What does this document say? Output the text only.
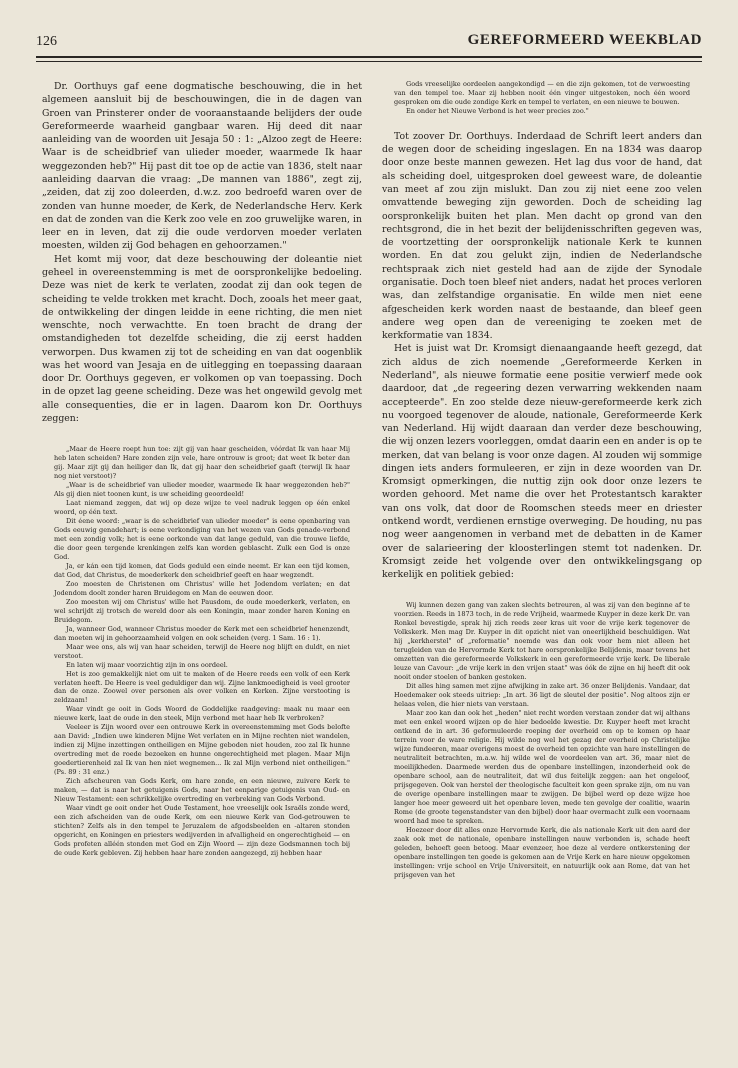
126	GEREFORMEERD WEEKBLAD

Dr. Oorthuys gaf eene dogmatische beschouwing, die in het algemeen aansluit bij de beschouwingen, die in de dagen van Groen van Prinsterer onder de vooraanstaande belijders der oude Gereformeerde waarheid gangbaar waren. Hij deed dit naar aanleiding van de woorden uit Jesaja 50 : 1: „Alzoo zegt de Heere: Waar is de scheidbrief van ulieder moeder, waarmede Ik haar weggezonden heb?" Hij past dit toe op de actie van 1836, stelt naar aanleiding daarvan die vraag: „De mannen van 1886", zegt zij, „zeiden, dat zij zoo doleerden, d.w.z. zoo bedroefd waren over de zonden van hunne moeder, de Kerk, de Nederlandsche Herv. Kerk en dat de zonden van die Kerk zoo vele en zoo gruwelijke waren, in leer en in leven, dat zij die oude verdorven moeder verlaten moesten, wilden zij God behagen en gehoorzamen."

Het komt mij voor, dat deze beschouwing der doleantie niet geheel in overeenstemming is met de oorspronkelijke bedoeling. Deze was niet de kerk te verlaten, zoodat zij dan ook tegen de scheiding te velde trokken met kracht. Doch, zooals het meer gaat, de ontwikkeling der dingen leidde in eene richting, die men niet wenschte, noch verwachtte. En toen bracht de drang der omstandigheden tot dezelfde scheiding, die zij eerst hadden verworpen. Dus kwamen zij tot de scheiding en van dat oogenblik was het woord van Jesaja en de uitlegging en toepassing daaraan door Dr. Oorthuys gegeven, er volkomen op van toepassing. Doch in de opzet lag geene scheiding. Deze was het ongewild gevolg met alle consequenties, die er in lagen. Daarom kon Dr. Oorthuys zeggen:

„Maar de Heere roept hun toe: zijt gij van haar gescheiden, vóórdat Ik van haar Mij heb laten scheiden? Hare zonden zijn vele, hare ontrouw is groot; dat weet Ik beter dan gij. Maar zijt gij dan heiliger dan Ik, dat gij haar den scheidbrief gaaft (terwijl Ik haar nog niet verstoot)?

„Waar is de scheidbrief van ulieder moeder, waarmede Ik haar weggezonden heb?" Als gij dien niet toonen kunt, is uw scheiding geoordeeld!

Laat niemand zeggen, dat wij op deze wijze te veel nadruk leggen op één enkel woord, op één text.

Dit éene woord: „waar is de scheidbrief van ulieder moeder" is eene openbaring van Gods eeuwig genadehart; is eene verkondiging van het wezen van Gods genade-verbond met een zondig volk; het is eene oorkonde van dat lange geduld, van die trouwe liefde, die door geen tergende krenkingen zelfs kan worden geblascht. Zulk een God is onze God.

Ja, er kán een tijd komen, dat Gods geduld een einde neemt. Er kan een tijd komen, dat God, dat Christus, de moederkerk den scheidbrief geeft en haar wegzendt.

Zoo moesten de Christenen om Christus' wille het Jodendom verlaten; en dat Jodendom doolt zonder haren Bruidegom en Man de eeuwen door.

Zoo moesten wij om Christus' wille het Pausdom, de oude moederkerk, verlaten, en wel schrijdt zij trotsch de wereld door als een Koningin, maar zonder haren Koning en Bruidegom.

Ja, wanneer God, wanneer Christus moeder de Kerk met een scheidbrief henenzendt, dan moeten wij in gehoorzaamheid volgen en ook scheiden (verg. 1 Sam. 16 : 1).

Maar wee ons, als wij van haar scheiden, terwijl de Heere nog blijft en duldt, en niet verstoot.

En laten wij maar voorzichtig zijn in ons oordeel.

Het is zoo gemakkelijk niet om uit te maken of de Heere reeds een volk of een Kerk verlaten heeft. De Heere is veel geduldiger dan wij. Zijne lankmoedigheid is veel grooter dan de onze. Zoowel over personen als over volken en Kerken. Zijne verstooting is zeldzaam!

Waar vindt ge ooit in Gods Woord de Goddelijke raadgeving: maak nu maar een nieuwe kerk, laat de oude in den steek, Mijn verbond met haar heb Ik verbroken?

Veeleer is Zijn woord over een ontrouwe Kerk in overeenstemming met Gods belofte aan David: „Indien uwe kinderen Mijne Wet verlaten en in Mijne rechten niet wandelen, indien zij Mijne inzettingen ontheiligen en Mijne geboden niet houden, zoo zal Ik hunne overtreding met de roede bezoeken en hunne ongerechtigheid met plagen. Maar Mijn goedertierenheid zal Ik van hen niet wegnemen... Ik zal Mijn verbond niet ontheiligen." (Ps. 89 : 31 enz.)

Zich afscheuren van Gods Kerk, om hare zonde, en een nieuwe, zuivere Kerk te maken, — dat is naar het getuigenis Gods, naar het eenparige getuigenis van Oud- en Nieuw Testament: een schrikkelijke overtreding en verbreking van Gods Verbond.

Waar vindt ge ooit onder het Oude Testament, hoe vreeselijk ook Israëls zonde werd, een zich afscheiden van de oude Kerk, om een nieuwe Kerk van God-getrouwen te stichten? Zelfs als in den tempel te Jeruzalem de afgodsbeelden en -altaren stonden opgericht, en Koningen en priesters wedijverden in afvalligheid en ongerechtigheid — en Gods profeten alléén stonden met God en Zijn Woord — zijn deze Godsmannen toch bij de oude Kerk gebleven. Zij hebben haar hare zonden aangezegd, zij hebben haar

Gods vreeselijke oordeelen aangekondigd — en die zijn gekomen, tot de verwoesting van den tempel toe. Maar zij hebben nooit één vinger uitgestoken, noch één woord gesproken om die oude zondige Kerk en tempel te verlaten, en een nieuwe te bouwen.

En onder het Nieuwe Verbond is het weer precies zoo."

Tot zoover Dr. Oorthuys. Inderdaad de Schrift leert anders dan de wegen door de scheiding ingeslagen. En na 1834 was daarop door onze beste mannen gewezen. Het lag dus voor de hand, dat als scheiding doel, uitgesproken doel geweest ware, de doleantie van meet af zou zijn mislukt. Dan zou zij niet eene zoo velen omvattende beweging zijn geworden. Doch de scheiding lag oorspronkelijk buiten het plan. Men dacht op grond van den rechtsgrond, die in het bezit der belijdenisschriften gegeven was, de voortzetting der oorspronkelijk nationale Kerk te kunnen worden. En dat zou gelukt zijn, indien de Nederlandsche rechtspraak zich niet gesteld had aan de zijde der Synodale organisatie. Doch toen bleef niet anders, nadat het proces verloren was, dan zelfstandige organisatie. En wilde men niet eene afgescheiden kerk worden naast de bestaande, dan bleef geen andere weg open dan de vereeniging te zoeken met de kerkformatie van 1834.

Het is juist wat Dr. Kromsigt dienaangaande heeft gezegd, dat zich aldus de zich noemende „Gereformeerde Kerken in Nederland", als nieuwe formatie eene positie verwierf mede ook daardoor, dat „de regeering dezen verwarring wekkenden naam accepteerde". En zoo stelde deze nieuw-gereformeerde kerk zich nu voorgoed tegenover de aloude, nationale, Gereformeerde Kerk van Nederland. Hij wijdt daaraan dan verder deze beschouwing, die wij onzen lezers voorleggen, omdat daarin een en ander is op te merken, dat van belang is voor onze dagen. Al zouden wij sommige dingen iets anders formuleeren, er zijn in deze woorden van Dr. Kromsigt opmerkingen, die nuttig zijn ook door onze lezers te worden gehoord. Met name die over het Protestantsch karakter van ons volk, dat door de Roomschen steeds meer en driester ontkend wordt, verdienen ernstige overweging. De houding, nu pas nog weer aangenomen in verband met de debatten in de Kamer over de salarieering der kloosterlingen stemt tot nadenken. Dr. Kromsigt zeide het volgende over den ontwikkelingsgang op kerkelijk en politiek gebied:

Wij kunnen dezen gang van zaken slechts betreuren, al was zij van den beginne af te voorzien. Reeds in 1873 toch, in de rede Vrijheid, waarmede Kuyper in deze kerk Dr. van Ronkel bevestigde, sprak hij zich reeds zeer kras uit voor de vrije kerk tegenover de Volkskerk. Men mag Dr. Kuyper in dit opzicht niet van oneerlijkheid beschuldigen. Wat hij „kerkherstel" of „reformatie" noemde was dan ook voor hem niet alleen het terugleiden van de Hervormde Kerk tot hare oorspronkelijke Belijdenis, maar tevens het omzetten van die gereformeerde Volkskerk in een gereformeerde vrije kerk. De liberale leuze van Cavour: „de vrije kerk in den vrijen staat" was óók de zijne en hij heeft dit ook nooit onder stoelen of banken gestoken.

Dit alles hing samen met zijne afwijking in zake art. 36 onzer Belijdenis. Vandaar, dat Hoedemaker ook steeds uitriep: „In art. 36 ligt de sleutel der positie". Nog altoos zijn er helaas velen, die hier niets van verstaan.

Maar zoo kan dan ook het „heden" niet recht worden verstaan zonder dat wij althans met een enkel woord wijzen op de hier bedoelde kwestie. Dr. Kuyper heeft met kracht ontkend de in art. 36 geformuleerde roeping der overheid om op te komen op haar terrein voor de ware religie. Hij wilde nog wel het gezag der overheid op Christelijke wijze fundeeren, maar overigens moest de overheid ten opzichte van hare instellingen de neutraliteit betrachten, m.a.w. hij wilde wel de voordeelen van art. 36, maar niet de moeilijkheden. Daarmede werden dus de openbare instellingen, inzonderheid ook de openbare school, aan de neutraliteit, dat wil dus feitelijk zeggen: aan het ongeloof, prijsgegeven. Ook van herstel der theologische faculteit kon geen sprake zijn, om nu van de overige openbare instellingen maar te zwijgen. De bijbel werd op deze wijze hoe langer hoe meer geweerd uit het openbare leven, mede ten gevolge der coalitie, waarin Rome (de groote tegenstandster van den bijbel) door haar overmacht zulk een voornaam woord had mee te spreken.

Hoezeer door dit alles onze Hervormde Kerk, die als nationale Kerk uit den aard der zaak ook met de nationale, openbare instellingen nauw verbonden is, schade heeft geleden, behoeft geen betoog. Maar evenzeer, hoe deze al verdere ontkerstening der openbare instellingen ten goede is gekomen aan de Vrije Kerk en hare nieuw opgekomen instellingen: vrije school en Vrije Universiteit, en natuurlijk ook aan Rome, dat van het prijsgeven van het
